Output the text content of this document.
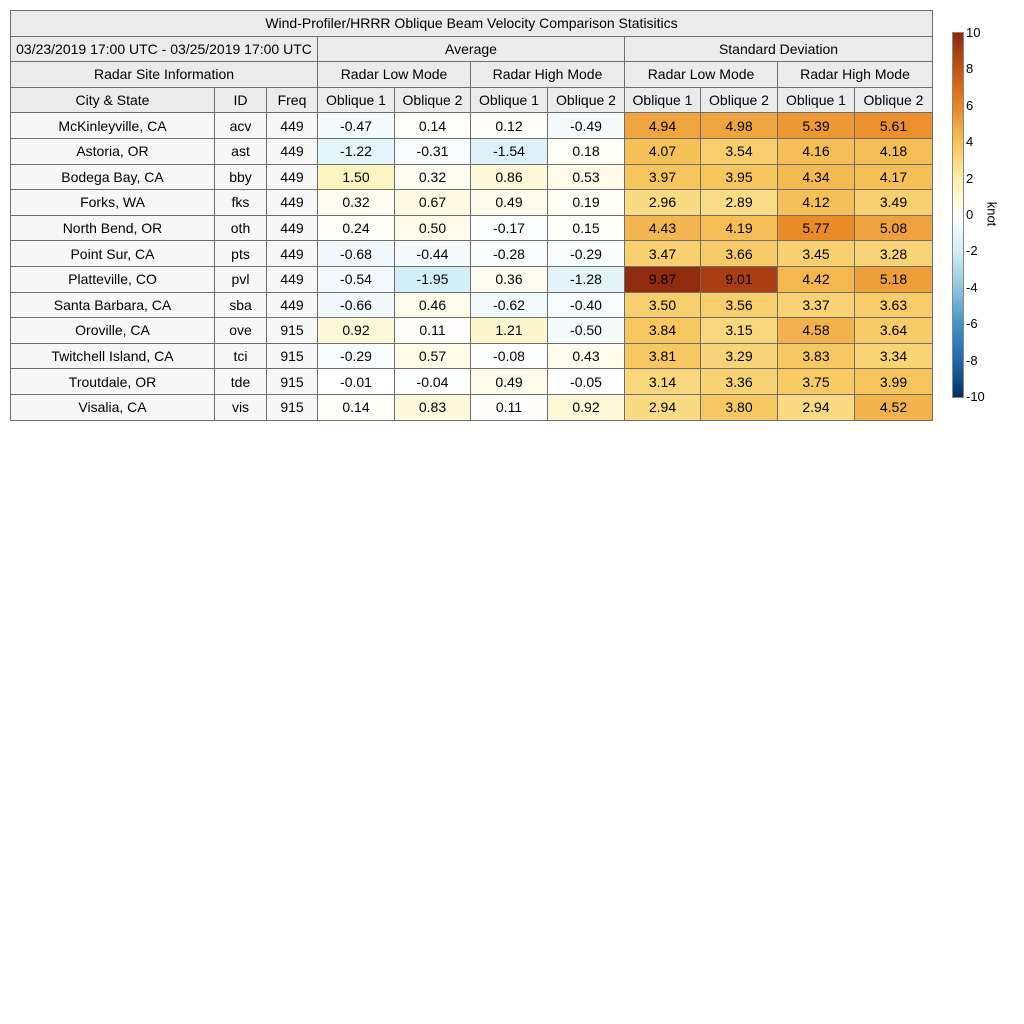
Wind-Profiler/HRRR Oblique Beam Velocity Comparison Statisitics										
03/23/2019 17:00 UTC - 03/25/2019 17:00 UTC			Average				Standard Deviation			
Radar Site Information			Radar Low Mode		Radar High Mode		Radar Low Mode		Radar High Mode	
City & State	ID	Freq	Oblique 1	Oblique 2	Oblique 1	Oblique 2	Oblique 1	Oblique 2	Oblique 1	Oblique 2
McKinleyville, CA	acv	449	-0.47	0.14	0.12	-0.49	4.94	4.98	5.39	5.61
Astoria, OR	ast	449	-1.22	-0.31	-1.54	0.18	4.07	3.54	4.16	4.18
Bodega Bay, CA	bby	449	1.50	0.32	0.86	0.53	3.97	3.95	4.34	4.17
Forks, WA	fks	449	0.32	0.67	0.49	0.19	2.96	2.89	4.12	3.49
North Bend, OR	oth	449	0.24	0.50	-0.17	0.15	4.43	4.19	5.77	5.08
Point Sur, CA	pts	449	-0.68	-0.44	-0.28	-0.29	3.47	3.66	3.45	3.28
Platteville, CO	pvl	449	-0.54	-1.95	0.36	-1.28	9.87	9.01	4.42	5.18
Santa Barbara, CA	sba	449	-0.66	0.46	-0.62	-0.40	3.50	3.56	3.37	3.63
Oroville, CA	ove	915	0.92	0.11	1.21	-0.50	3.84	3.15	4.58	3.64
Twitchell Island, CA	tci	915	-0.29	0.57	-0.08	0.43	3.81	3.29	3.83	3.34
Troutdale, OR	tde	915	-0.01	-0.04	0.49	-0.05	3.14	3.36	3.75	3.99
Visalia, CA	vis	915	0.14	0.83	0.11	0.92	2.94	3.80	2.94	4.52
10
8
6
4
2
0
-2
-4
-6
-8
-10
knot
